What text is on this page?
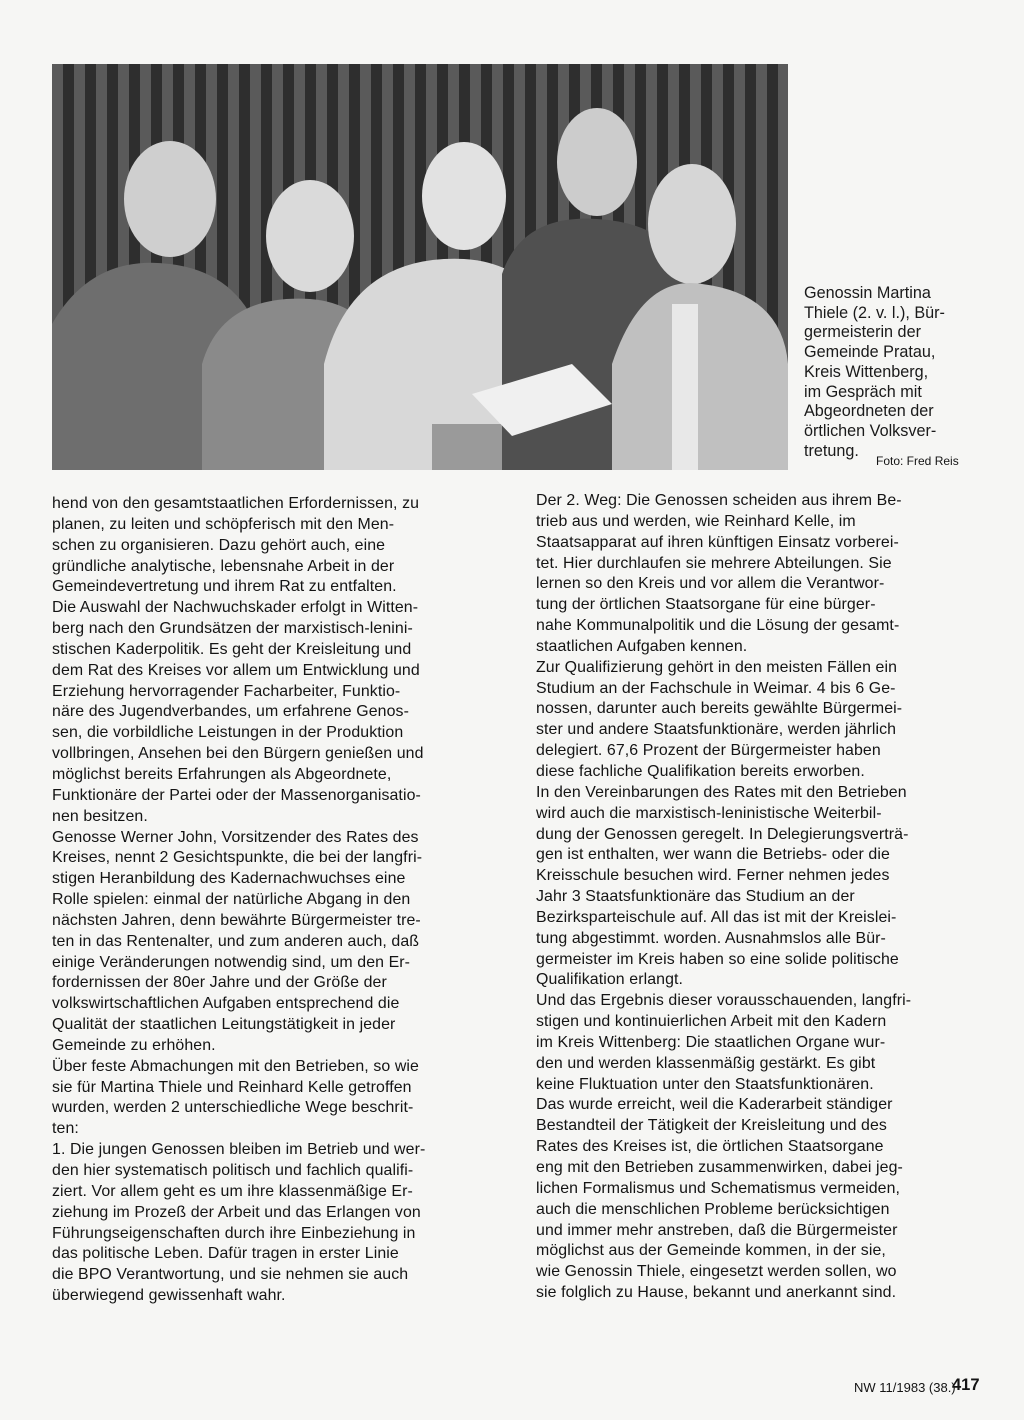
Genossin Martina
Thiele (2. v. l.), Bür-
germeisterin der
Gemeinde Pratau,
Kreis Wittenberg,
im Gespräch mit
Abgeordneten der
örtlichen Volksver-
tretung.
Foto: Fred Reis
hend von den gesamtstaatlichen Erfordernissen, zu
planen, zu leiten und schöpferisch mit den Men-
schen zu organisieren. Dazu gehört auch, eine
gründliche analytische, lebensnahe Arbeit in der
Gemeindevertretung und ihrem Rat zu entfalten.
Die Auswahl der Nachwuchskader erfolgt in Witten-
berg nach den Grundsätzen der marxistisch-lenini-
stischen Kaderpolitik. Es geht der Kreisleitung und
dem Rat des Kreises vor allem um Entwicklung und
Erziehung hervorragender Facharbeiter, Funktio-
näre des Jugendverbandes, um erfahrene Genos-
sen, die vorbildliche Leistungen in der Produktion
vollbringen, Ansehen bei den Bürgern genießen und
möglichst bereits Erfahrungen als Abgeordnete,
Funktionäre der Partei oder der Massenorganisatio-
nen besitzen.
Genosse Werner John, Vorsitzender des Rates des
Kreises, nennt 2 Gesichtspunkte, die bei der langfri-
stigen Heranbildung des Kadernachwuchses eine
Rolle spielen: einmal der natürliche Abgang in den
nächsten Jahren, denn bewährte Bürgermeister tre-
ten in das Rentenalter, und zum anderen auch, daß
einige Veränderungen notwendig sind, um den Er-
fordernissen der 80er Jahre und der Größe der
volkswirtschaftlichen Aufgaben entsprechend die
Qualität der staatlichen Leitungstätigkeit in jeder
Gemeinde zu erhöhen.
Über feste Abmachungen mit den Betrieben, so wie
sie für Martina Thiele und Reinhard Kelle getroffen
wurden, werden 2 unterschiedliche Wege beschrit-
ten:
1. Die jungen Genossen bleiben im Betrieb und wer-
den hier systematisch politisch und fachlich qualifi-
ziert. Vor allem geht es um ihre klassenmäßige Er-
ziehung im Prozeß der Arbeit und das Erlangen von
Führungseigenschaften durch ihre Einbeziehung in
das politische Leben. Dafür tragen in erster Linie
die BPO Verantwortung, und sie nehmen sie auch
überwiegend gewissenhaft wahr.
Der 2. Weg: Die Genossen scheiden aus ihrem Be-
trieb aus und werden, wie Reinhard Kelle, im
Staatsapparat auf ihren künftigen Einsatz vorberei-
tet. Hier durchlaufen sie mehrere Abteilungen. Sie
lernen so den Kreis und vor allem die Verantwor-
tung der örtlichen Staatsorgane für eine bürger-
nahe Kommunalpolitik und die Lösung der gesamt-
staatlichen Aufgaben kennen.
Zur Qualifizierung gehört in den meisten Fällen ein
Studium an der Fachschule in Weimar. 4 bis 6 Ge-
nossen, darunter auch bereits gewählte Bürgermei-
ster und andere Staatsfunktionäre, werden jährlich
delegiert. 67,6 Prozent der Bürgermeister haben
diese fachliche Qualifikation bereits erworben.
In den Vereinbarungen des Rates mit den Betrieben
wird auch die marxistisch-leninistische Weiterbil-
dung der Genossen geregelt. In Delegierungsverträ-
gen ist enthalten, wer wann die Betriebs- oder die
Kreisschule besuchen wird. Ferner nehmen jedes
Jahr 3 Staatsfunktionäre das Studium an der
Bezirksparteischule auf. All das ist mit der Kreislei-
tung abgestimmt. worden. Ausnahmslos alle Bür-
germeister im Kreis haben so eine solide politische
Qualifikation erlangt.
Und das Ergebnis dieser vorausschauenden, langfri-
stigen und kontinuierlichen Arbeit mit den Kadern
im Kreis Wittenberg: Die staatlichen Organe wur-
den und werden klassenmäßig gestärkt. Es gibt
keine Fluktuation unter den Staatsfunktionären.
Das wurde erreicht, weil die Kaderarbeit ständiger
Bestandteil der Tätigkeit der Kreisleitung und des
Rates des Kreises ist, die örtlichen Staatsorgane
eng mit den Betrieben zusammenwirken, dabei jeg-
lichen Formalismus und Schematismus vermeiden,
auch die menschlichen Probleme berücksichtigen
und immer mehr anstreben, daß die Bürgermeister
möglichst aus der Gemeinde kommen, in der sie,
wie Genossin Thiele, eingesetzt werden sollen, wo
sie folglich zu Hause, bekannt und anerkannt sind.
NW 11/1983 (38.)
417
